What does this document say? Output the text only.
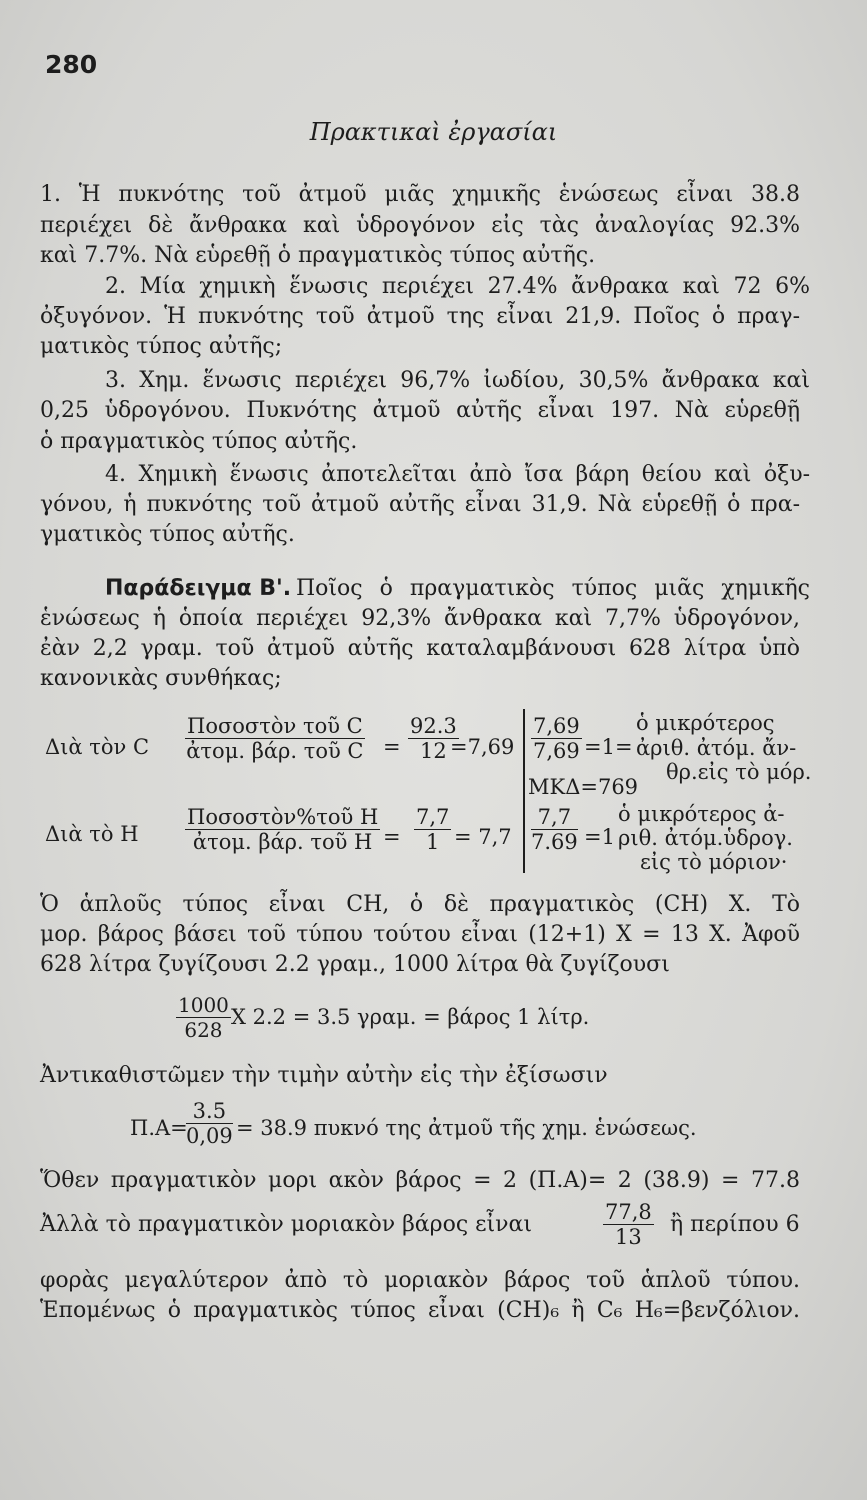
280
Πρακτικαὶ ἐργασίαι
1. Ἡ πυκνότης τοῦ ἀτμοῦ μιᾶς χημικῆς ἑνώσεως εἶναι 38.8
περιέχει δὲ ἄνθρακα καὶ ὑδρογόνον εἰς τὰς ἀναλογίας 92.3%
καὶ 7.7%. Νὰ εὑρεθῇ ὁ πραγματικὸς τύπος αὐτῆς.
2. Μία χημικὴ ἕνωσις περιέχει 27.4% ἄνθρακα καὶ 72 6%
ὀξυγόνον. Ἡ πυκνότης τοῦ ἀτμοῦ της εἶναι 21,9. Ποῖος ὁ πραγ-
ματικὸς τύπος αὐτῆς;
3. Χημ. ἕνωσις περιέχει 96,7% ἰωδίου, 30,5% ἄνθρακα καὶ
0,25 ὑδρογόνου. Πυκνότης ἀτμοῦ αὐτῆς εἶναι 197. Νὰ εὑρεθῇ
ὁ πραγματικὸς τύπος αὐτῆς.
4. Χημικὴ ἕνωσις ἀποτελεῖται ἀπὸ ἴσα βάρη θείου καὶ ὀξυ-
γόνου, ἡ πυκνότης τοῦ ἀτμοῦ αὐτῆς εἶναι 31,9. Νὰ εὑρεθῇ ὁ πρα-
γματικὸς τύπος αὐτῆς.
Παράδειγμα Β'. Ποῖος ὁ πραγματικὸς τύπος μιᾶς χημικῆς
ἑνώσεως ἡ ὁποία περιέχει 92,3% ἄνθρακα καὶ 7,7% ὑδρογόνον,
ἐὰν 2,2 γραμ. τοῦ ἀτμοῦ αὐτῆς καταλαμβάνουσι 628 λίτρα ὑπὸ
κανονικὰς συνθήκας;
Διὰ τὸν C
Ποσοστὸν τοῦ C
ἀτομ. βάρ. τοῦ $C = \frac{92.3}{12}$
$=7,69 \frac{7,69}{7,69} =1=$
ὁ μικρότερος
ἀριθ. ἀτόμ. ἄν-
θρ.εἰς τὸ μόρ.
ΜΚΔ=769
Διὰ τὸ H
Ποσοστὸν%τοῦ H
ἀτομ. βάρ. τοῦ $H = \frac{7,7}{1} = 7,7 \frac{7,7}{7.69} =1$
ὁ μικρότερος ἀ-
ριθ. ἀτόμ.ὑδρογ.
εἰς τὸ μόριον·
Ὁ ἁπλοῦς τύπος εἶναι CH, ὁ δὲ πραγματικὸς (CH) X. Τὸ
μορ. βάρος βάσει τοῦ τύπου τούτου εἶναι (12+1) X = 13 X. Ἀφοῦ
628 λίτρα ζυγίζουσι 2.2 γραμ., 1000 λίτρα θὰ ζυγίζουσι
$\frac{1000}{628}$ X 2.2 = 3.5 γραμ. = βάρος 1 λίτρ.
Ἀντικαθιστῶμεν τὴν τιμὴν αὐτὴν εἰς τὴν ἐξίσωσιν
Π.Α=
$\frac{3.5}{0,09} = 38.9$ πυκνό της ἀτμοῦ τῆς χημ. ἑνώσεως.
Ὅθεν πραγματικὸν μορι ακὸν βάρος = 2 (Π.Α)= 2 (38.9) = 77.8
Ἀλλὰ τὸ πραγματικὸν μοριακὸν βάρος εἶναι	$\frac{77,8}{13}$ ἢ περίπου 6
φορὰς μεγαλύτερον ἀπὸ τὸ μοριακὸν βάρος τοῦ ἁπλοῦ τύπου.
Ἑπομένως ὁ πραγματικὸς τύπος εἶναι (CH)₆ ἢ C₆ H₆=βενζόλιον.
